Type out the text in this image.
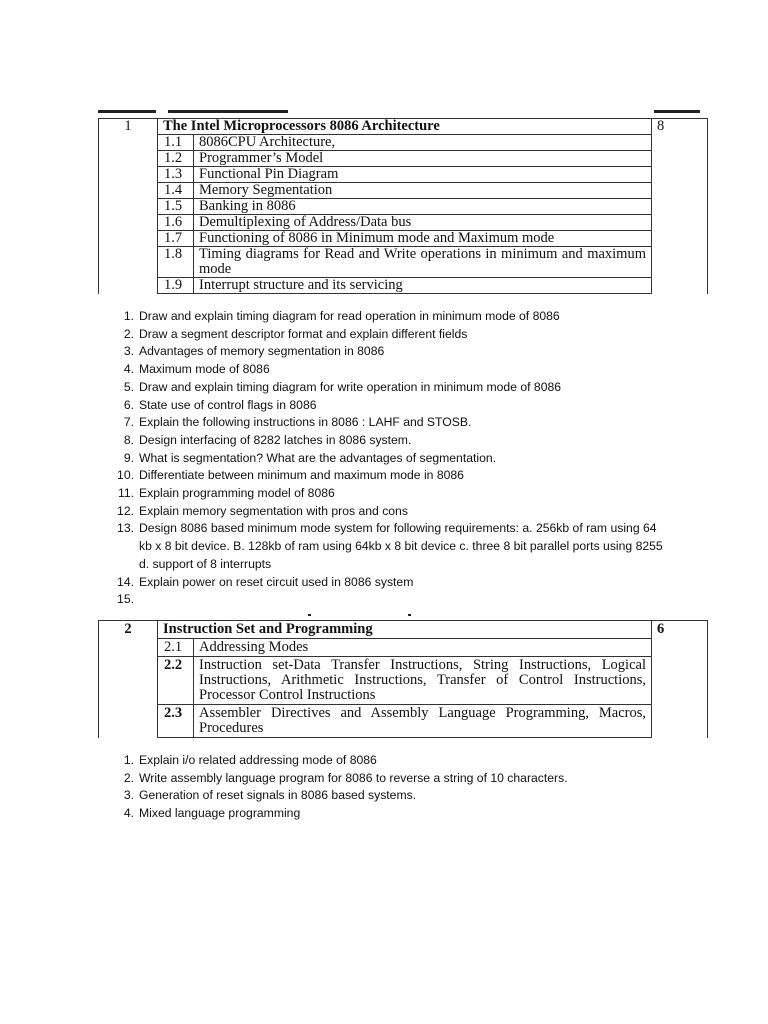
1	The Intel Microprocessors 8086 Architecture		8
	1.1	8086CPU Architecture,	
	1.2	Programmer’s Model	
	1.3	Functional Pin Diagram	
	1.4	Memory Segmentation	
	1.5	Banking in 8086	
	1.6	Demultiplexing of Address/Data bus	
	1.7	Functioning of 8086 in Minimum mode and Maximum mode	
	1.8	Timing diagrams for Read and Write operations in minimum and maximum mode	
	1.9	Interrupt structure and its servicing	
1. Draw and explain timing diagram for read operation in minimum mode of 8086
2. Draw a segment descriptor format and explain different fields
3. Advantages of memory segmentation in 8086
4. Maximum mode of 8086
5. Draw and explain timing diagram for write operation in minimum mode of 8086
6. State use of control flags in 8086
7. Explain the following instructions in 8086 : LAHF and STOSB.
8. Design interfacing of 8282 latches in 8086 system.
9. What is segmentation? What are the advantages of segmentation.
10. Differentiate between minimum and maximum mode in 8086
11. Explain programming model of 8086
12. Explain memory segmentation with pros and cons
13. Design 8086 based minimum mode system for following requirements: a. 256kb of ram using 64 kb x 8 bit device. B. 128kb of ram using 64kb x 8 bit device c. three 8 bit parallel ports using 8255 d. support of 8 interrupts
14. Explain power on reset circuit used in 8086 system
15.

2	Instruction Set and Programming		6
	2.1	Addressing Modes	
	2.2	Instruction set-Data Transfer Instructions, String Instructions, Logical Instructions, Arithmetic Instructions, Transfer of Control Instructions, Processor Control Instructions	
	2.3	Assembler Directives and Assembly Language Programming, Macros, Procedures	
1. Explain i/o related addressing mode of 8086
2. Write assembly language program for 8086 to reverse a string of 10 characters.
3. Generation of reset signals in 8086 based systems.
4. Mixed language programming
